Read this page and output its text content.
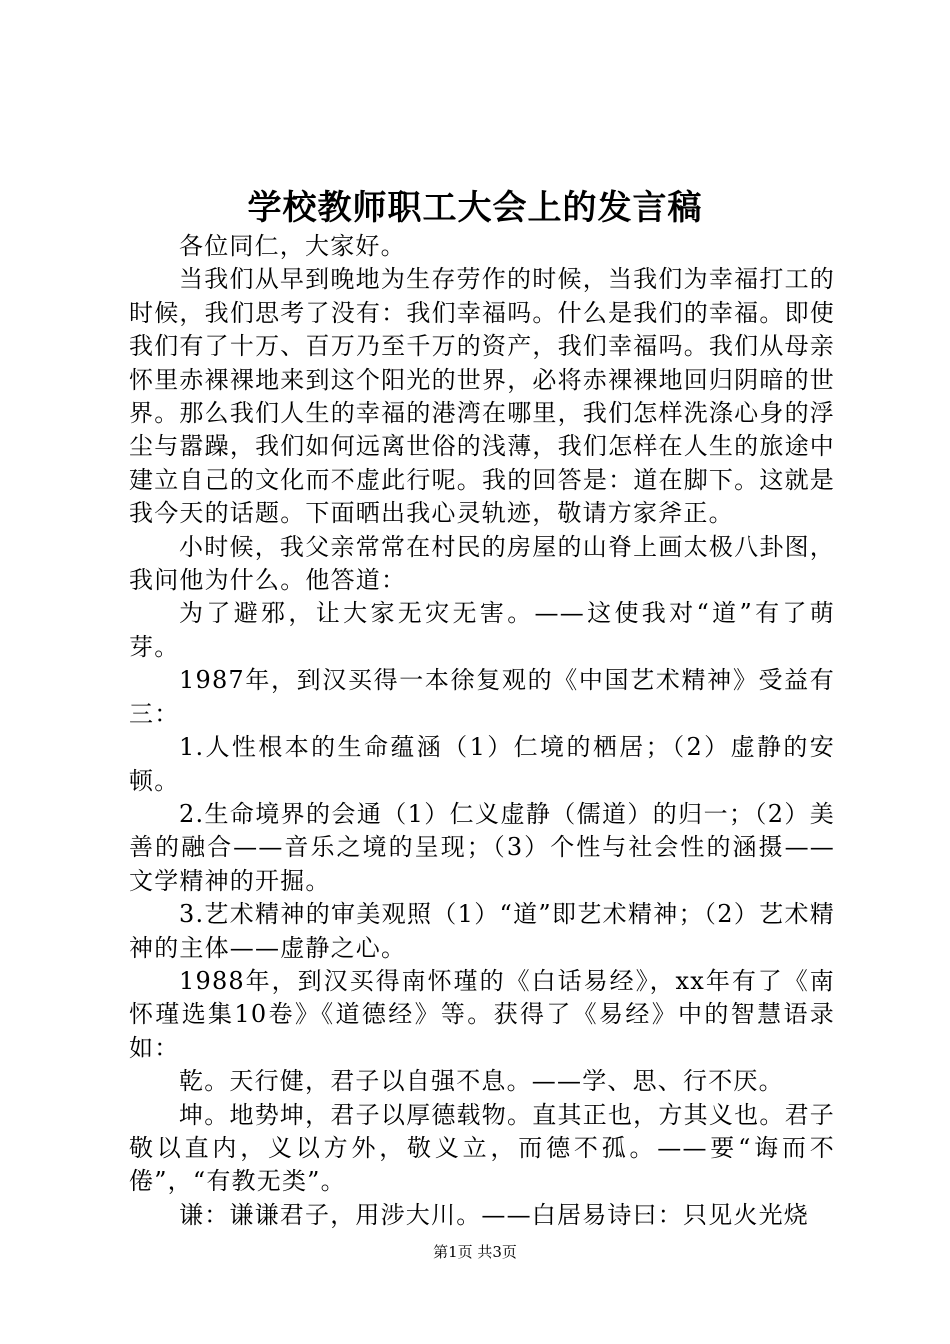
学校教师职工大会上的发言稿

各位同仁，大家好。

当我们从早到晚地为生存劳作的时候，当我们为幸福打工的时候，我们思考了没有：我们幸福吗。什么是我们的幸福。即使我们有了十万、百万乃至千万的资产，我们幸福吗。我们从母亲怀里赤裸裸地来到这个阳光的世界，必将赤裸裸地回归阴暗的世界。那么我们人生的幸福的港湾在哪里，我们怎样洗涤心身的浮尘与嚣躁，我们如何远离世俗的浅薄，我们怎样在人生的旅途中建立自己的文化而不虚此行呢。我的回答是：道在脚下。这就是我今天的话题。下面晒出我心灵轨迹，敬请方家斧正。

小时候，我父亲常常在村民的房屋的山脊上画太极八卦图，我问他为什么。他答道：

为了避邪，让大家无灾无害。——这使我对“道”有了萌芽。

1987年，到汉买得一本徐复观的《中国艺术精神》受益有三：

1.人性根本的生命蕴涵（1）仁境的栖居；（2）虚静的安顿。

2.生命境界的会通（1）仁义虚静（儒道）的归一；（2）美善的融合——音乐之境的呈现；（3）个性与社会性的涵摄——文学精神的开掘。

3.艺术精神的审美观照（1）“道”即艺术精神；（2）艺术精神的主体——虚静之心。

1988年，到汉买得南怀瑾的《白话易经》，xx年有了《南怀瑾选集10卷》《道德经》等。获得了《易经》中的智慧语录如：

乾。天行健，君子以自强不息。——学、思、行不厌。

坤。地势坤，君子以厚德载物。直其正也，方其义也。君子敬以直内，义以方外，敬义立，而德不孤。——要“诲而不倦”，“有教无类”。

谦：谦谦君子，用涉大川。——白居易诗曰：只见火光烧

第1页 共3页
